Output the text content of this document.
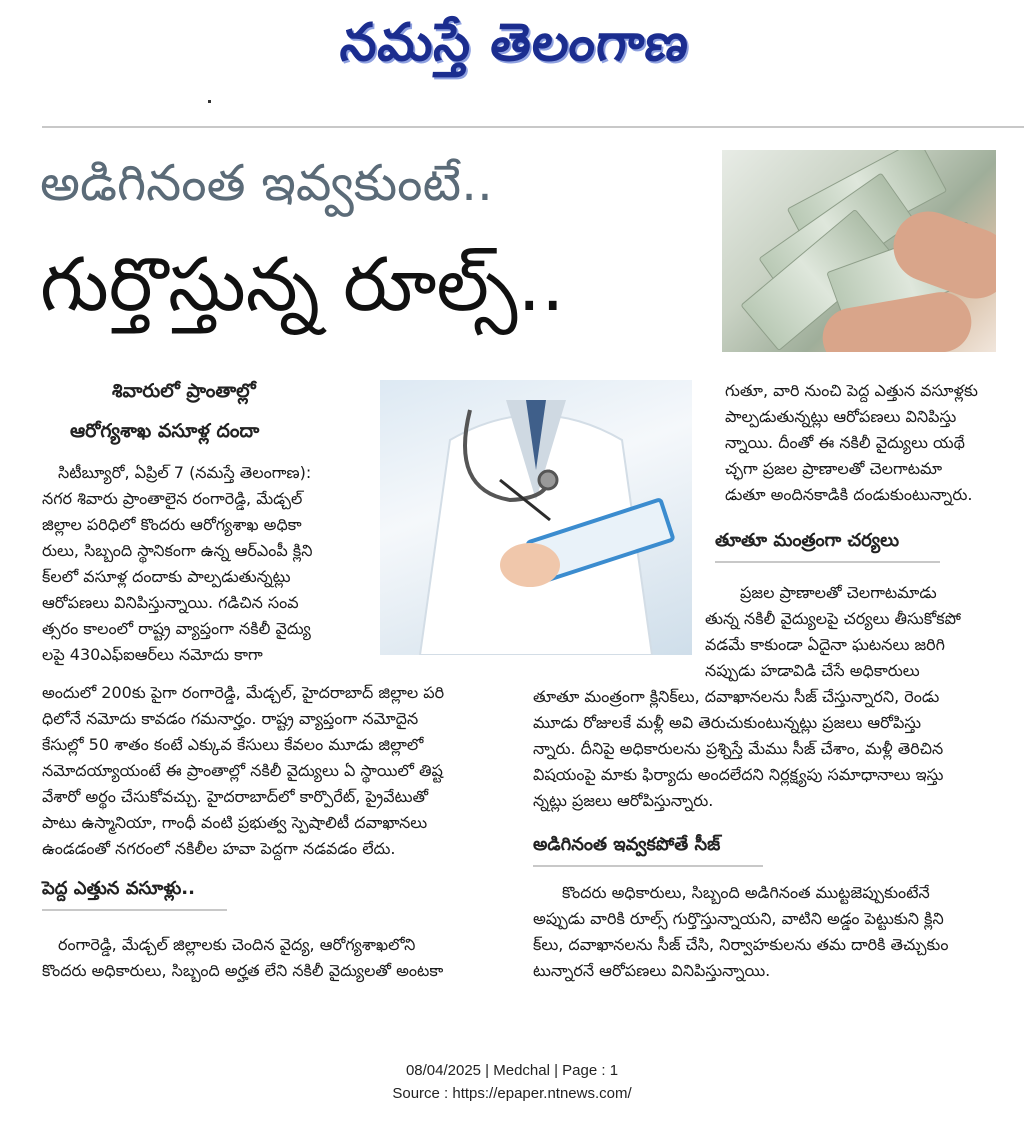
నమస్తే తెలంగాణ
అడిగినంత ఇవ్వకుంటే..
గుర్తొస్తున్న రూల్స్..
శివారులో ప్రాంతాల్లో
ఆరోగ్యశాఖ వసూళ్ల దందా
సిటీబ్యూరో, ఏప్రిల్ 7 (నమస్తే తెలంగాణ):
నగర శివారు ప్రాంతాలైన రంగారెడ్డి, మేడ్చల్
జిల్లాల పరిధిలో కొందరు ఆరోగ్యశాఖ అధికా
రులు, సిబ్బంది స్థానికంగా ఉన్న ఆర్ఎంపీ క్లిని
క్‌లలో వసూళ్ల దందాకు పాల్పడుతున్నట్లు
ఆరోపణలు వినిపిస్తున్నాయి. గడిచిన సంవ
త్సరం కాలంలో రాష్ట్ర వ్యాప్తంగా నకిలీ వైద్యు
లపై 430ఎఫ్ఐఆర్‌లు నమోదు కాగా
అందులో 200కు పైగా రంగారెడ్డి, మేడ్చల్, హైదరాబాద్ జిల్లాల పరి
ధిలోనే నమోదు కావడం గమనార్హం. రాష్ట్ర వ్యాప్తంగా నమోదైన
కేసుల్లో 50 శాతం కంటే ఎక్కువ కేసులు కేవలం మూడు జిల్లాలో
నమోదయ్యాయంటే ఈ ప్రాంతాల్లో నకిలీ వైద్యులు ఏ స్థాయిలో తిష్ట
వేశారో అర్థం చేసుకోవచ్చు. హైదరాబాద్‌లో కార్పొరేట్, ప్రైవేటుతో
పాటు ఉస్మానియా, గాంధీ వంటి ప్రభుత్వ స్పెషాలిటీ దవాఖానలు
ఉండడంతో నగరంలో నకిలీల హవా పెద్దగా నడవడం లేదు.
పెద్ద ఎత్తున వసూళ్లు..
రంగారెడ్డి, మేడ్చల్ జిల్లాలకు చెందిన వైద్య, ఆరోగ్యశాఖలోని
కొందరు అధికారులు, సిబ్బంది అర్హత లేని నకిలీ వైద్యులతో అంటకా
గుతూ, వారి నుంచి పెద్ద ఎత్తున వసూళ్లకు
పాల్పడుతున్నట్లు ఆరోపణలు వినిపిస్తు
న్నాయి. దీంతో ఈ నకిలీ వైద్యులు యథే
చ్ఛగా ప్రజల ప్రాణాలతో చెలగాటమా
డుతూ అందినకాడికి దండుకుంటున్నారు.
తూతూ మంత్రంగా చర్యలు
ప్రజల ప్రాణాలతో చెలగాటమాడు
తున్న నకిలీ వైద్యులపై చర్యలు తీసుకోకపో
వడమే కాకుండా ఏదైనా ఘటనలు జరిగి
నప్పుడు హడావిడి చేసే అధికారులు
తూతూ మంత్రంగా క్లినిక్‌లు, దవాఖానలను సీజ్ చేస్తున్నారని, రెండు
మూడు రోజులకే మళ్లీ అవి తెరుచుకుంటున్నట్లు ప్రజలు ఆరోపిస్తు
న్నారు. దీనిపై అధికారులను ప్రశ్నిస్తే మేము సీజ్ చేశాం, మళ్లీ తెరిచిన
విషయంపై మాకు ఫిర్యాదు అందలేదని నిర్లక్ష్యపు సమాధానాలు ఇస్తు
న్నట్లు ప్రజలు ఆరోపిస్తున్నారు.
అడిగినంత ఇవ్వకపోతే సీజ్
కొందరు అధికారులు, సిబ్బంది అడిగినంత ముట్టజెప్పుకుంటేనే
అప్పుడు వారికి రూల్స్ గుర్తొస్తున్నాయని, వాటిని అడ్డం పెట్టుకుని క్లిని
క్‌లు, దవాఖానలను సీజ్ చేసి, నిర్వాహకులను తమ దారికి తెచ్చుకుం
టున్నారనే ఆరోపణలు వినిపిస్తున్నాయి.
08/04/2025 | Medchal | Page : 1
Source : https://epaper.ntnews.com/
